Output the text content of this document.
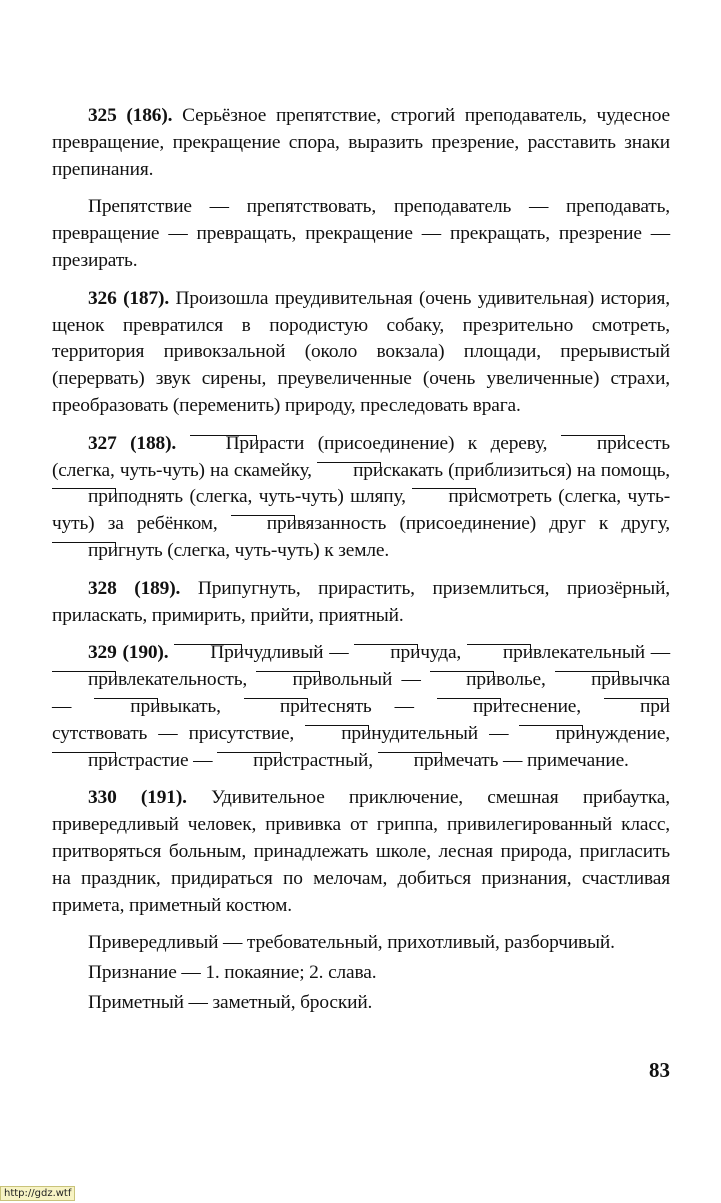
325 (186). Серьёзное препятствие, строгий преподаватель, чудесное превращение, прекращение спора, выразить презрение, расставить знаки препинания.

Препятствие — препятствовать, преподаватель — преподавать, превращение — превращать, прекращение — прекращать, презрение — презирать.

326 (187). Произошла преудивительная (очень удивительная) история, щенок превратился в породистую собаку, презрительно смотреть, территория привокзальной (около вокзала) площади, прерывистый (перервать) звук сирены, преувеличенные (очень увеличенные) страхи, преобразовать (переменить) природу, преследовать врага.

327 (188).	Прирасти (присоединение) к дереву, присесть (слегка, чуть-чуть) на скамейку, прискакать (приблизиться) на помощь, приподнять (слегка, чуть-чуть) шляпу, присмотреть (слегка, чуть-чуть) за ребёнком, привязанность (присоединение) друг к другу, пригнуть (слегка, чуть-чуть) к земле.

328 (189). Припугнуть, прирастить, приземлиться, приозёрный, приласкать, примирить, прийти, приятный.

329 (190). Причудливый — причуда, привлекательный — привлекательность, привольный — приволье, привычка — привыкать, притеснять — притеснение, присутствовать — присутствие, принудительный — принуждение, пристрастие — пристрастный, примечать — примечание.

330 (191). Удивительное приключение, смешная прибаутка, привередливый человек, прививка от гриппа, привилегированный класс, притворяться больным, принадлежать школе, лесная природа, пригласить на праздник, придираться по мелочам, добиться признания, счастливая примета, приметный костюм.

Привередливый — требовательный, прихотливый, разборчивый.

Признание — 1. покаяние; 2. слава.

Приметный — заметный, броский.

83
http://gdz.wtf
